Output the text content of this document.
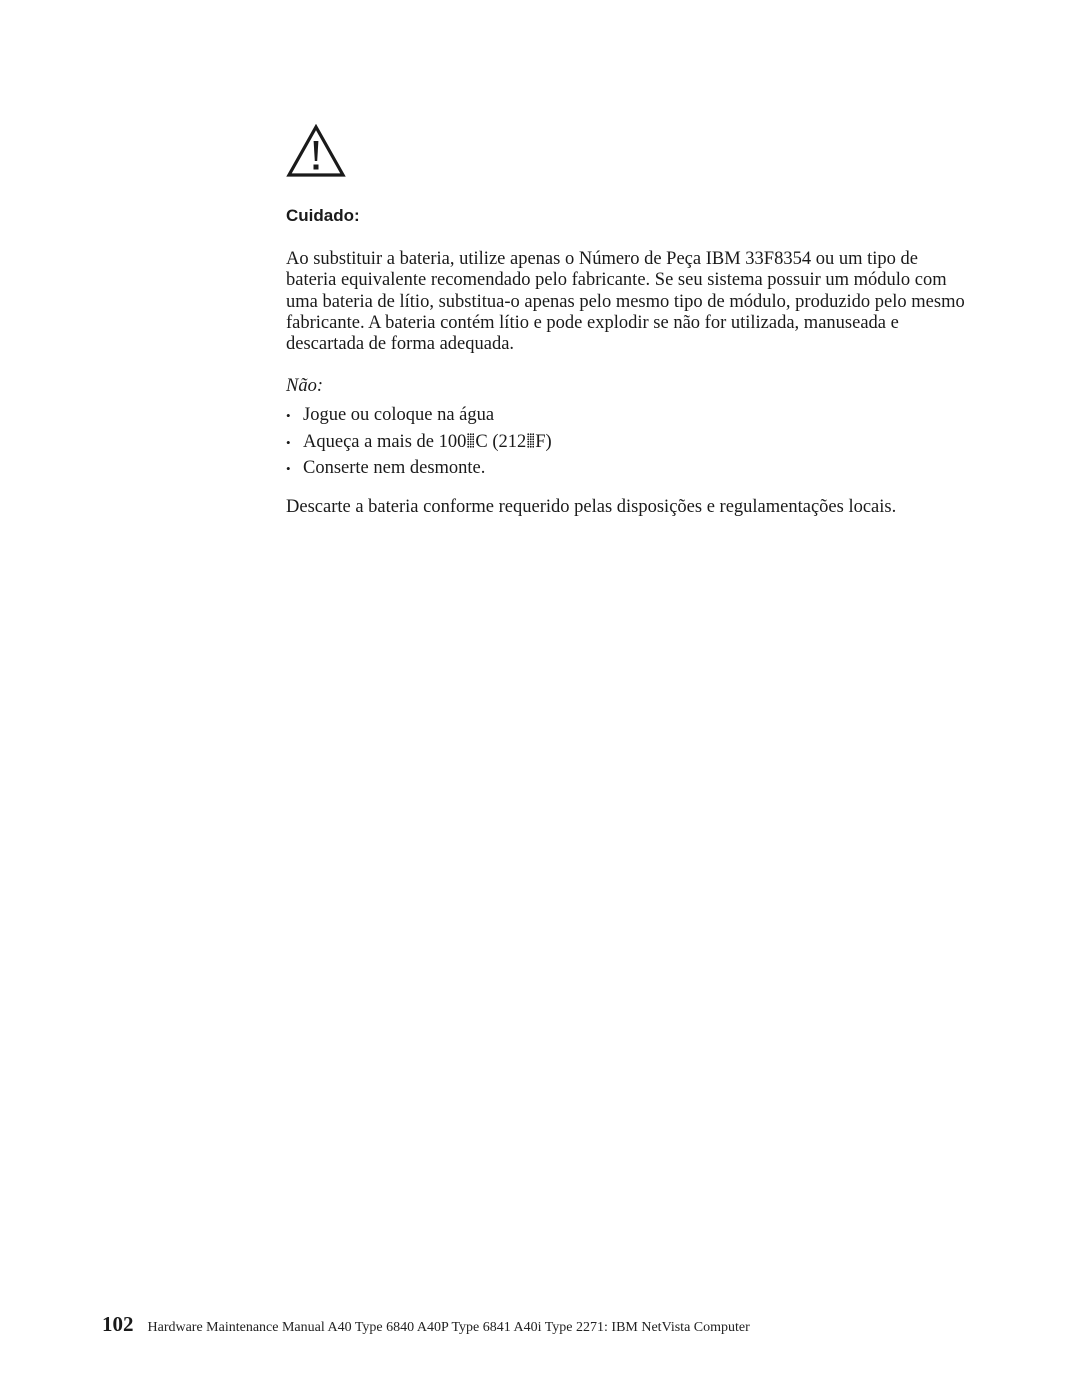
Cuidado:

Ao substituir a bateria, utilize apenas o Número de Peça IBM 33F8354 ou um tipo de bateria equivalente recomendado pelo fabricante. Se seu sistema possuir um módulo com uma bateria de lítio, substitua-o apenas pelo mesmo tipo de módulo, produzido pelo mesmo fabricante. A bateria contém lítio e pode explodir se não for utilizada, manuseada e descartada de forma adequada.

Não:

• Jogue ou coloque na água
• Aqueça a mais de 100 C (212 F)
• Conserte nem desmonte.

Descarte a bateria conforme requerido pelas disposições e regulamentações locais.

102 Hardware Maintenance Manual A40 Type 6840 A40P Type 6841 A40i Type 2271: IBM NetVista Computer
